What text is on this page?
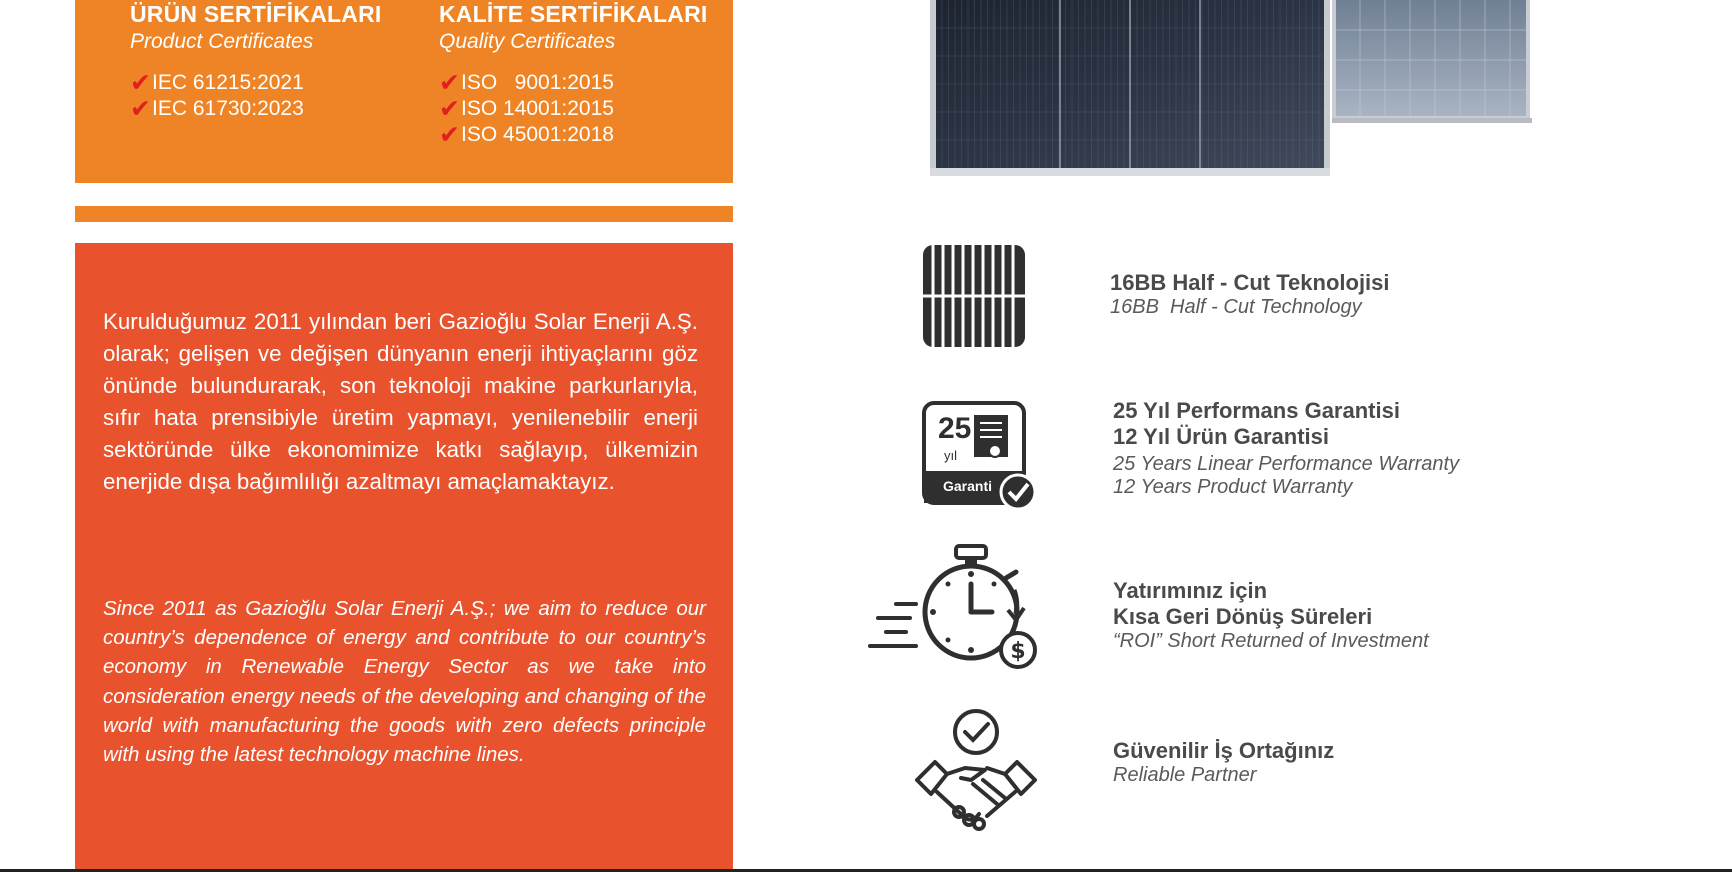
ÜRÜN SERTİFİKALARI
Product Certificates
✔ IEC 61215:2021
✔ IEC 61730:2023
KALİTE SERTİFİKALARI
Quality Certificates
✔ ISO   9001:2015
✔ ISO 14001:2015
✔ ISO 45001:2018
Kurulduğumuz 2011 yılından beri Gazioğlu Solar Enerji A.Ş. olarak; gelişen ve değişen dünyanın enerji ihtiyaçlarını göz önünde bulundurarak, son teknoloji makine parkurlarıyla, sıfır hata prensibiyle üretim yapmayı, yenilenebilir enerji sektöründe ülke ekonomimize katkı sağlayıp, ülkemizin enerjide dışa bağımlılığı azaltmayı amaçlamaktayız.
Since 2011 as Gazioğlu Solar Enerji A.Ş.; we aim to reduce our country’s dependence of energy and contribute to our country’s economy in Renewable Energy Sector as we take into consideration energy needs of the developing and changing of the world with manufacturing the goods with zero defects principle with using the latest technology machine lines.
16BB Half - Cut Teknolojisi
16BB  Half - Cut Technology
25
yıl
Garanti
25 Yıl Performans Garantisi
12 Yıl Ürün Garantisi
25 Years Linear Performance Warranty
12 Years Product Warranty
$
Yatırımınız için
Kısa Geri Dönüş Süreleri
“ROI” Short Returned of Investment
Güvenilir İş Ortağınız
Reliable Partner
